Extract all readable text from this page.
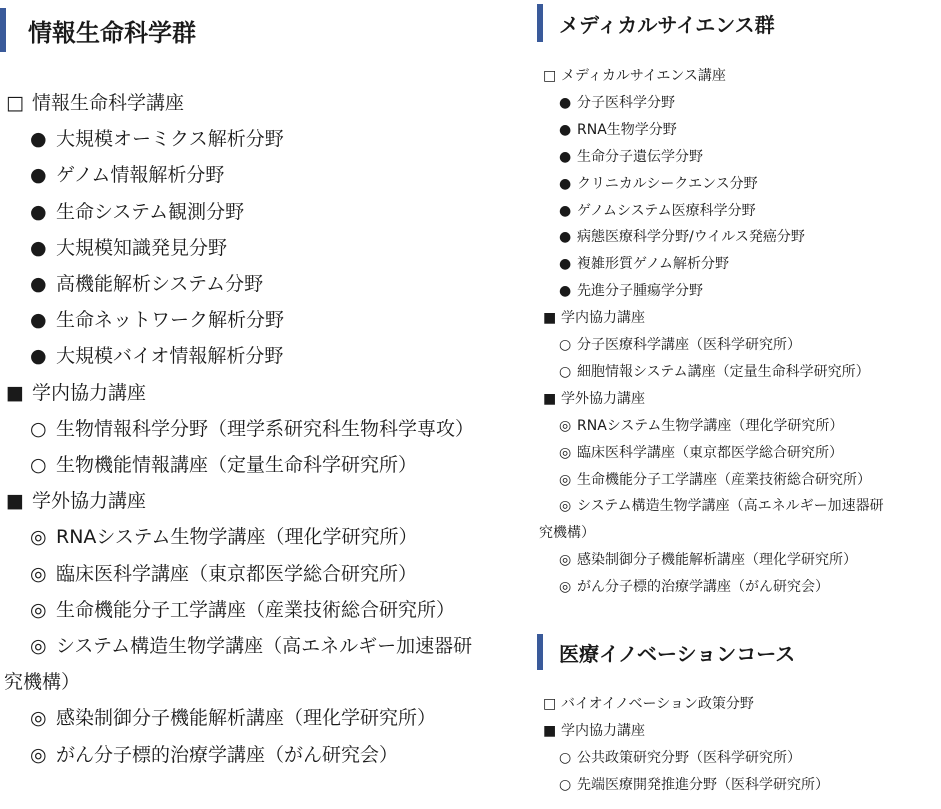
情報生命科学群
□ 情報生命科学講座
● 大規模オーミクス解析分野
● ゲノム情報解析分野
● 生命システム観測分野
● 大規模知識発見分野
● 高機能解析システム分野
● 生命ネットワーク解析分野
● 大規模バイオ情報解析分野
■ 学内協力講座
○ 生物情報科学分野（理学系研究科生物科学専攻）
○ 生物機能情報講座（定量生命科学研究所）
■ 学外協力講座
◎ RNAシステム生物学講座（理化学研究所）
◎ 臨床医科学講座（東京都医学総合研究所）
◎ 生命機能分子工学講座（産業技術総合研究所）
◎ システム構造生物学講座（高エネルギー加速器研
究機構）
◎ 感染制御分子機能解析講座（理化学研究所）
◎ がん分子標的治療学講座（がん研究会）
メディカルサイエンス群
□ メディカルサイエンス講座
● 分子医科学分野
● RNA生物学分野
● 生命分子遺伝学分野
● クリニカルシークエンス分野
● ゲノムシステム医療科学分野
● 病態医療科学分野/ウイルス発癌分野
● 複雑形質ゲノム解析分野
● 先進分子腫瘍学分野
■ 学内協力講座
○ 分子医療科学講座（医科学研究所）
○ 細胞情報システム講座（定量生命科学研究所）
■ 学外協力講座
◎ RNAシステム生物学講座（理化学研究所）
◎ 臨床医科学講座（東京都医学総合研究所）
◎ 生命機能分子工学講座（産業技術総合研究所）
◎ システム構造生物学講座（高エネルギー加速器研
究機構）
◎ 感染制御分子機能解析講座（理化学研究所）
◎ がん分子標的治療学講座（がん研究会）
医療イノベーションコース
□ バイオイノベーション政策分野
■ 学内協力講座
○ 公共政策研究分野（医科学研究所）
○ 先端医療開発推進分野（医科学研究所）
